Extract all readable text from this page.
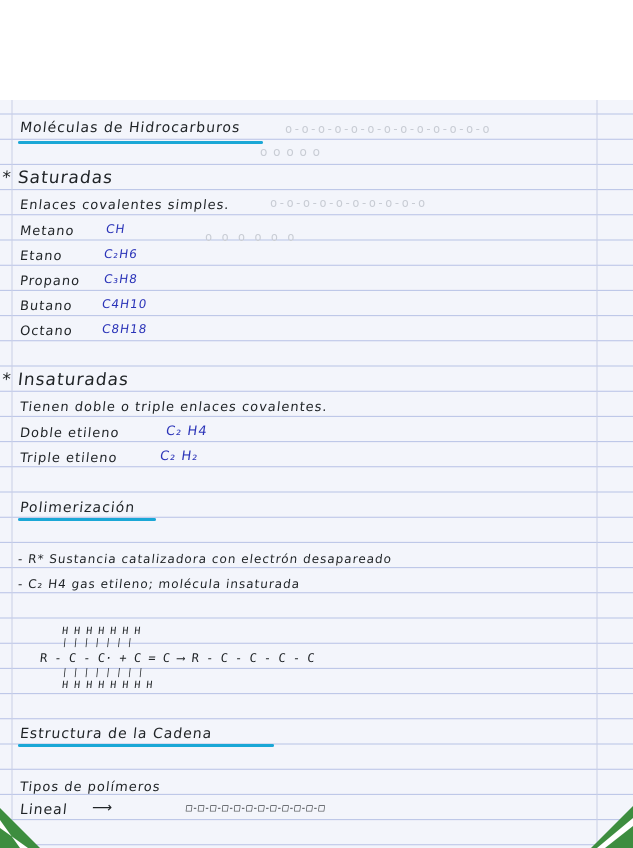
o-o-o-o-o-o-o-o-o-o-o-o-o
o o o o o
o-o-o-o-o-o-o-o-o-o
o o o o o o
Moléculas de Hidrocarburos
* Saturadas
Enlaces covalentes simples.
Metano CH
Etano	C₂H6
Propano C₃H8
Butano C4H10
Octano C8H18
* Insaturadas
Tienen doble o triple enlaces covalentes.
Doble etileno	C₂ H4
Triple etileno	C₂ H₂
Polimerización
- R* Sustancia catalizadora con electrón desapareado
- C₂ H4 gas etileno; molécula insaturada
H H H H H H H
| | | | | | |
R - C - C· + C = C ⟶ R - C - C - C - C
| | | | | | | |
H H H H H H H H
Estructura de la Cadena
Tipos de polímeros
Lineal ⟶	□-□-□-□-□-□-□-□-□-□-□-□
